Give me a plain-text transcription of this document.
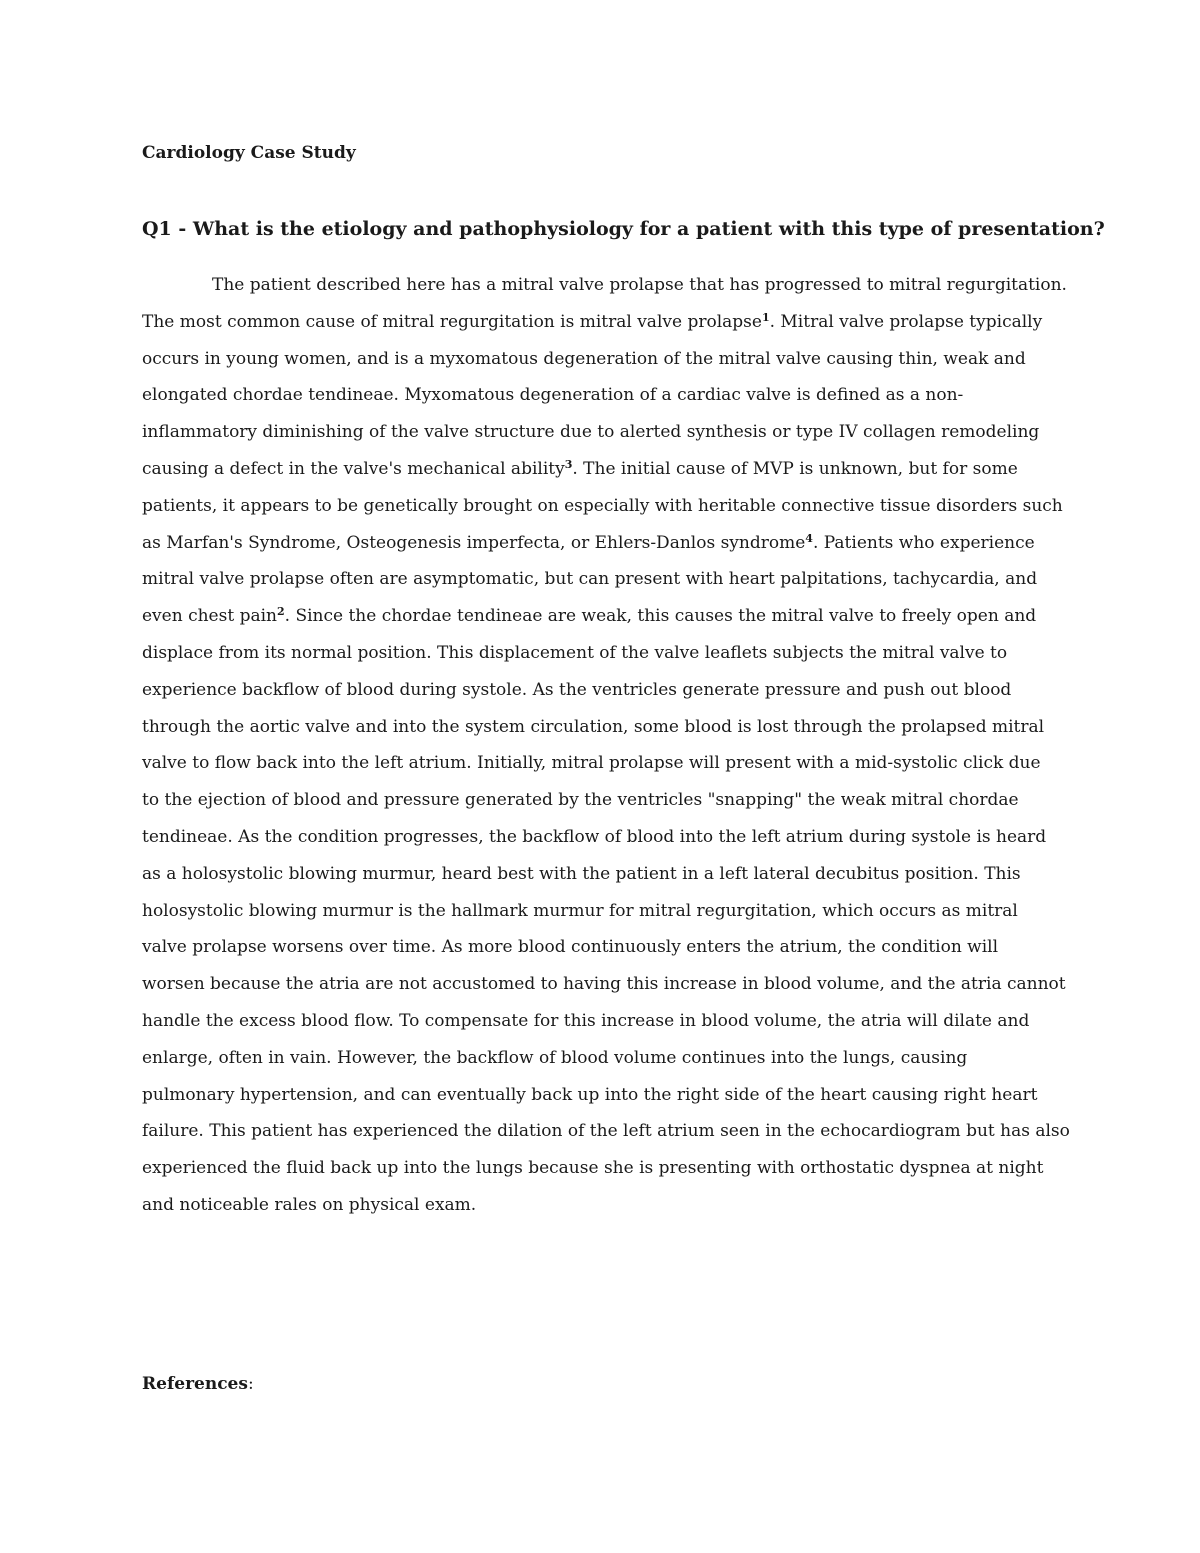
Cardiology Case Study
Q1 - What is the etiology and pathophysiology for a patient with this type of presentation?

The patient described here has a mitral valve prolapse that has progressed to mitral regurgitation.

The most common cause of mitral regurgitation is mitral valve prolapse$^1$. Mitral valve prolapse typically

occurs in young women, and is a myxomatous degeneration of the mitral valve causing thin, weak and

elongated chordae tendineae. Myxomatous degeneration of a cardiac valve is defined as a non-

inflammatory diminishing of the valve structure due to alerted synthesis or type IV collagen remodeling

causing a defect in the valve's mechanical ability$^3$. The initial cause of MVP is unknown, but for some

patients, it appears to be genetically brought on especially with heritable connective tissue disorders such

as Marfan's Syndrome, Osteogenesis imperfecta, or Ehlers-Danlos syndrome$^4$. Patients who experience

mitral valve prolapse often are asymptomatic, but can present with heart palpitations, tachycardia, and

even chest pain$^2$. Since the chordae tendineae are weak, this causes the mitral valve to freely open and

displace from its normal position. This displacement of the valve leaflets subjects the mitral valve to

experience backflow of blood during systole. As the ventricles generate pressure and push out blood

through the aortic valve and into the system circulation, some blood is lost through the prolapsed mitral

valve to flow back into the left atrium. Initially, mitral prolapse will present with a mid-systolic click due

to the ejection of blood and pressure generated by the ventricles "snapping" the weak mitral chordae

tendineae. As the condition progresses, the backflow of blood into the left atrium during systole is heard

as a holosystolic blowing murmur, heard best with the patient in a left lateral decubitus position. This

holosystolic blowing murmur is the hallmark murmur for mitral regurgitation, which occurs as mitral

valve prolapse worsens over time. As more blood continuously enters the atrium, the condition will

worsen because the atria are not accustomed to having this increase in blood volume, and the atria cannot

handle the excess blood flow. To compensate for this increase in blood volume, the atria will dilate and

enlarge, often in vain. However, the backflow of blood volume continues into the lungs, causing

pulmonary hypertension, and can eventually back up into the right side of the heart causing right heart

failure. This patient has experienced the dilation of the left atrium seen in the echocardiogram but has also

experienced the fluid back up into the lungs because she is presenting with orthostatic dyspnea at night

and noticeable rales on physical exam.

References:
